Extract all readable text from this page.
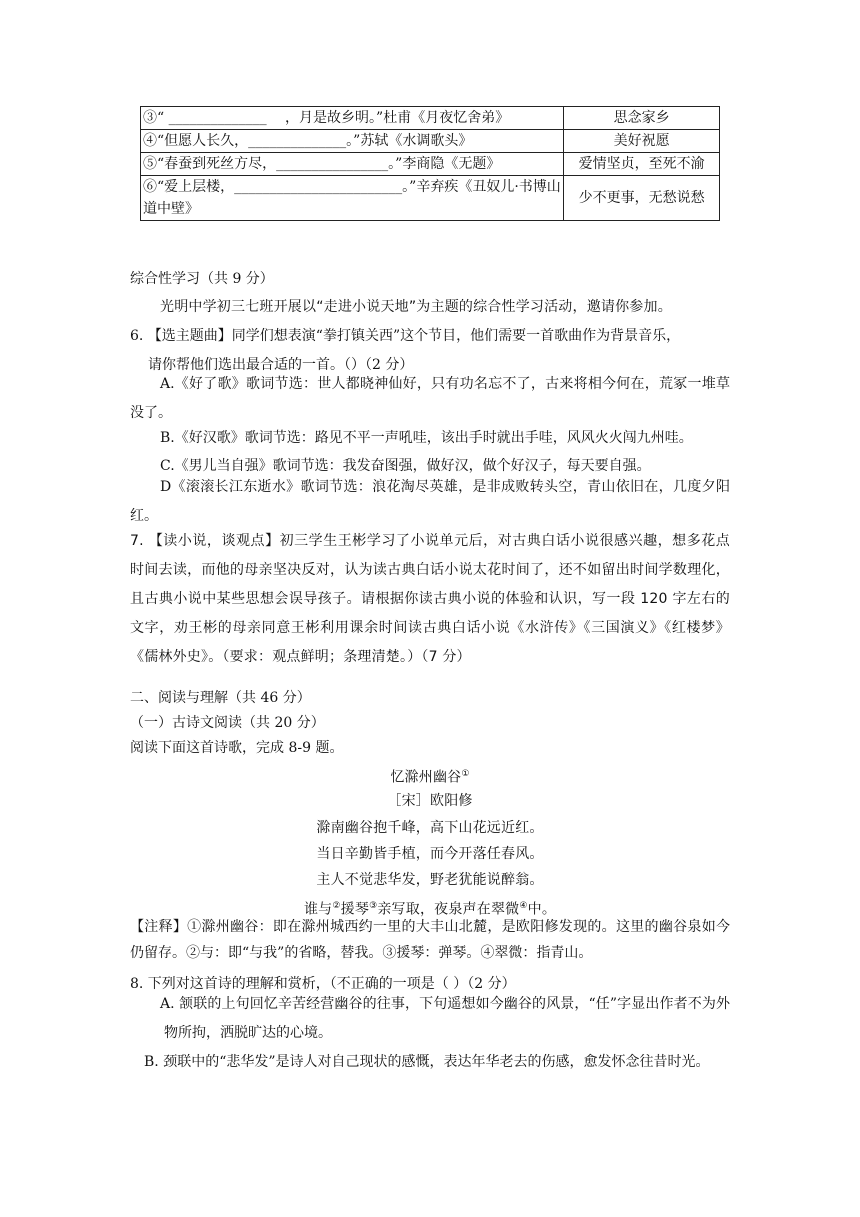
③“ ______________　 ，月是故乡明。”杜甫《月夜忆舍弟》	思念家乡
④“但愿人长久，______________。”苏轼《水调歌头》	美好祝愿
⑤“春蚕到死丝方尽，________________。”李商隐《无题》	爱情坚贞，至死不渝
⑥“爱上层楼，________________________。”辛弃疾《丑奴儿·书博山道中壁》	少不更事，无愁说愁
综合性学习（共 9 分）
光明中学初三七班开展以“走进小说天地”为主题的综合性学习活动，邀请你参加。
6. 【选主题曲】同学们想表演“拳打镇关西”这个节目，他们需要一首歌曲作为背景音乐，
请你帮他们选出最合适的一首。（）（2 分）
A.《好了歌》歌词节选：世人都晓神仙好，只有功名忘不了，古来将相今何在，荒冢一堆草没了。
B.《好汉歌》歌词节选：路见不平一声吼哇，该出手时就出手哇，风风火火闯九州哇。
C.《男儿当自强》歌词节选：我发奋图强，做好汉，做个好汉子，每天要自强。
D《滚滚长江东逝水》歌词节选：浪花淘尽英雄，是非成败转头空，青山依旧在，几度夕阳红。
7. 【读小说，谈观点】初三学生王彬学习了小说单元后，对古典白话小说很感兴趣，想多花点时间去读，而他的母亲坚决反对，认为读古典白话小说太花时间了，还不如留出时间学数理化，且古典小说中某些思想会误导孩子。请根据你读古典小说的体验和认识，写一段 120 字左右的文字，劝王彬的母亲同意王彬利用课余时间读古典白话小说《水浒传》《三国演义》《红楼梦》《儒林外史》。（要求：观点鲜明；条理清楚。）（7 分）
二、阅读与理解（共 46 分）
（一）古诗文阅读（共 20 分）
阅读下面这首诗歌，完成 8-9 题。
忆滁州幽谷①
［宋］欧阳修
滁南幽谷抱千峰，高下山花远近红。
当日辛勤皆手植，而今开落任春风。
主人不觉悲华发，野老犹能说醉翁。
谁与②援琴③亲写取，夜泉声在翠微④中。
【注释】①滁州幽谷：即在滁州城西约一里的大丰山北麓，是欧阳修发现的。这里的幽谷泉如今仍留存。②与：即“与我”的省略，替我。③援琴：弹琴。④翠微：指青山。
8. 下列对这首诗的理解和赏析，（不正确的一项是（ ）（2 分）
A. 颔联的上句回忆辛苦经营幽谷的往事，下句遥想如今幽谷的风景，“任”字显出作者不为外物所拘，洒脱旷达的心境。
B. 颈联中的“悲华发”是诗人对自己现状的感慨，表达年华老去的伤感，愈发怀念往昔时光。
